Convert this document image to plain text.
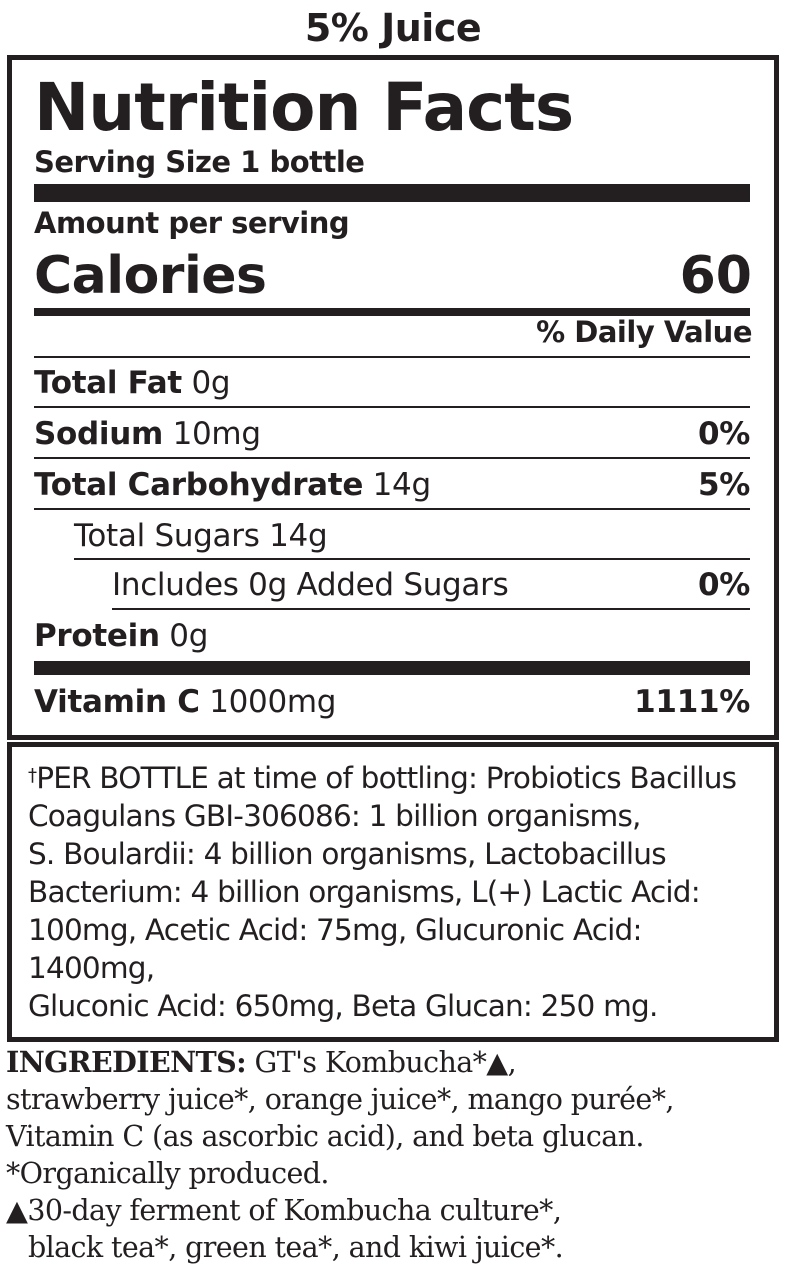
5% Juice
Nutrition Facts
Serving Size 1 bottle
Amount per serving
Calories	60
% Daily Value
Total Fat 0g
Sodium 10mg	0%
Total Carbohydrate 14g	5%
Total Sugars 14g
Includes 0g Added Sugars	0%
Protein 0g
Vitamin C 1000mg	1111%
†PER BOTTLE at time of bottling: Probiotics Bacillus
Coagulans GBI-306086: 1 billion organisms,
S. Boulardii: 4 billion organisms, Lactobacillus
Bacterium: 4 billion organisms, L(+) Lactic Acid:
100mg, Acetic Acid: 75mg, Glucuronic Acid: 1400mg,
Gluconic Acid: 650mg, Beta Glucan: 250 mg.
INGREDIENTS: GT's Kombucha*▲,
strawberry juice*, orange juice*, mango purée*,
Vitamin C (as ascorbic acid), and beta glucan.
*Organically produced.
▲30-day ferment of Kombucha culture*,
black tea*, green tea*, and kiwi juice*.
